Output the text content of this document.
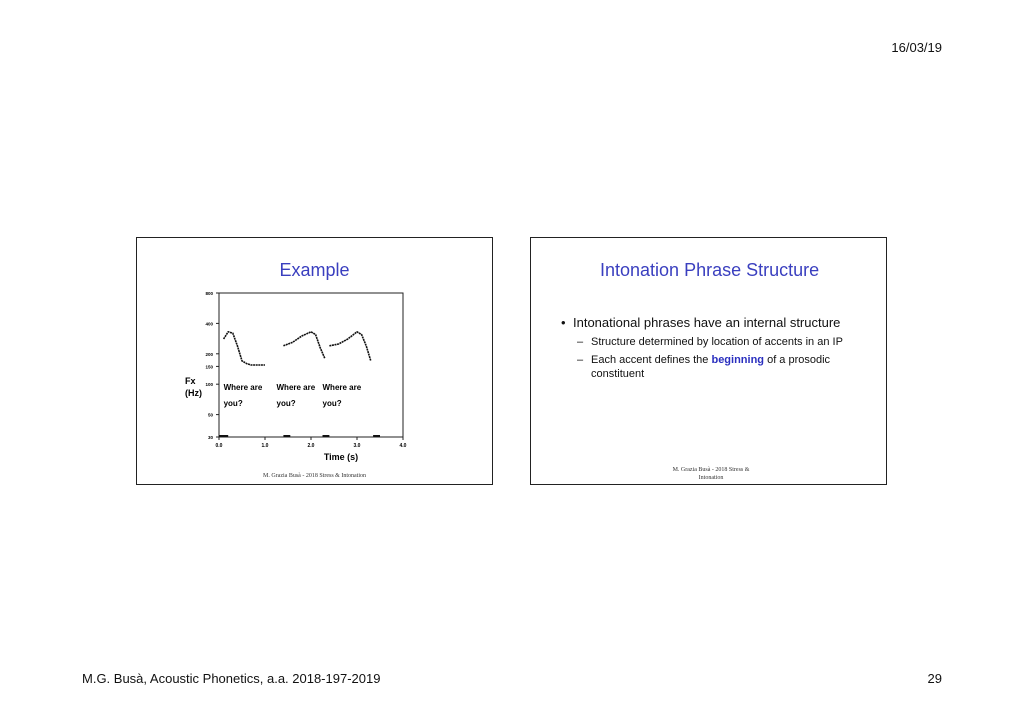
16/03/19
Example
Fx
(Hz)
Time (s)
800
400
200
150
100
50
30
0.0	1.0	2.0	3.0	4.0
Where are
you?
Where are
you?
Where are
you?
M. Grazia Busà - 2018 Stress & Intonation
Intonation Phrase Structure
• Intonational phrases have an internal structure
– Structure determined by location of accents in an IP
– Each accent defines the beginning of a prosodic constituent
M. Grazia Busà - 2018 Stress &
Intonation
M.G. Busà, Acoustic Phonetics, a.a. 2018-197-2019	29
